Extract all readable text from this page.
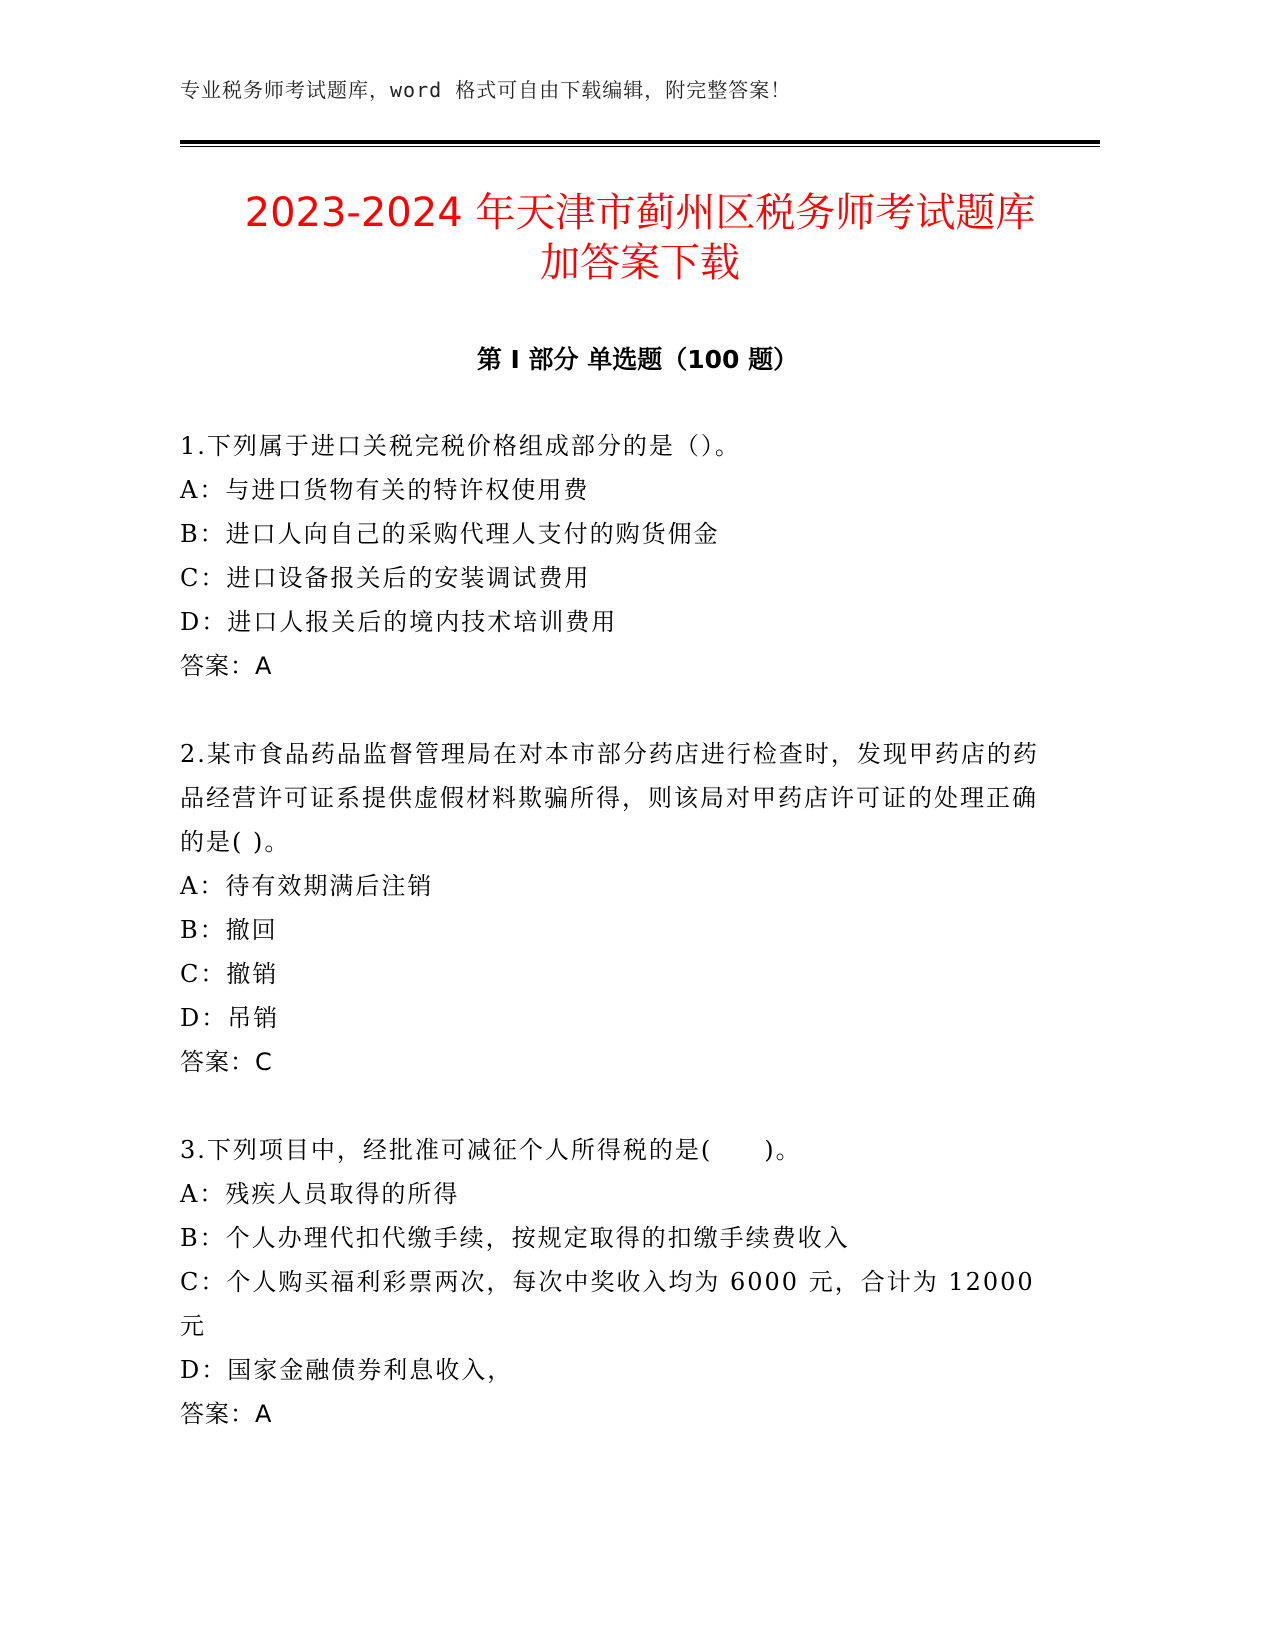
专业税务师考试题库，word 格式可自由下载编辑，附完整答案！
2023-2024 年天津市蓟州区税务师考试题库
加答案下载
第 I 部分 单选题（100 题）
1.下列属于进口关税完税价格组成部分的是（）。
A：与进口货物有关的特许权使用费
B：进口人向自己的采购代理人支付的购货佣金
C：进口设备报关后的安装调试费用
D：进口人报关后的境内技术培训费用
答案：A
2.某市食品药品监督管理局在对本市部分药店进行检查时，发现甲药店的药品经营许可证系提供虚假材料欺骗所得，则该局对甲药店许可证的处理正确的是( )。
A：待有效期满后注销
B：撤回
C：撤销
D：吊销
答案：C
3.下列项目中，经批准可减征个人所得税的是(　　)。
A：残疾人员取得的所得
B：个人办理代扣代缴手续，按规定取得的扣缴手续费收入
C：个人购买福利彩票两次，每次中奖收入均为 6000 元，合计为 12000 元
D：国家金融债券利息收入，
答案：A
